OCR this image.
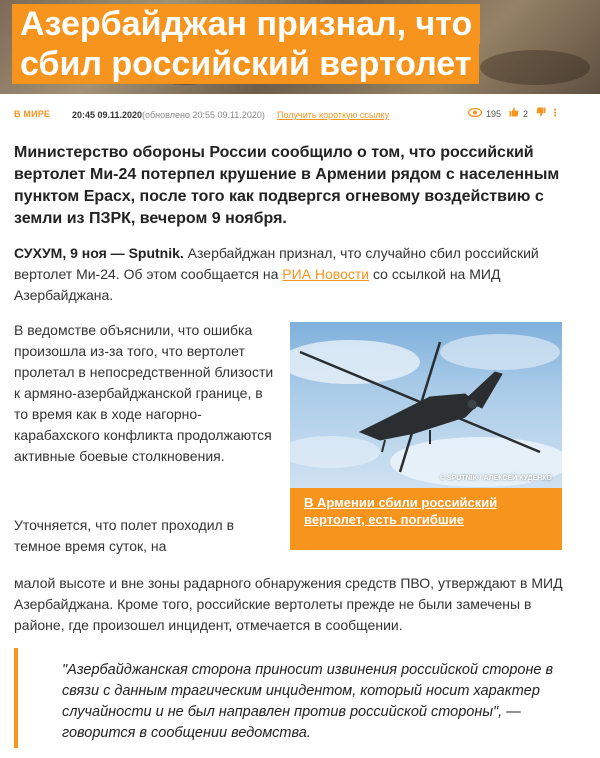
Азербайджан признал, что
сбил российский вертолет
В МИРЕ 20:45 09.11.2020 (обновлено 20:55 09.11.2020) Получить короткую ссылку	195 2 ⋮
Министерство обороны России сообщило о том, что российский вертолет Ми-24 потерпел крушение в Армении рядом с населенным пунктом Ерасх, после того как подвергся огневому воздействию с земли из ПЗРК, вечером 9 ноября.
СУХУМ, 9 ноя — Sputnik. Азербайджан признал, что случайно сбил российский вертолет Ми-24. Об этом сообщается на РИА Новости со ссылкой на МИД Азербайджана.
В ведомстве объяснили, что ошибка произошла из-за того, что вертолет пролетал в непосредственной близости к армяно-азербайджанской границе, в то время как в ходе нагорно-карабахского конфликта продолжаются активные боевые столкновения.
© SPUTNIK / АЛЕКСЕЙ КУДЕНКО
В Армении сбили российский вертолет, есть погибшие
Уточняется, что полет проходил в темное время суток, на
малой высоте и вне зоны радарного обнаружения средств ПВО, утверждают в МИД Азербайджана. Кроме того, российские вертолеты прежде не были замечены в районе, где произошел инцидент, отмечается в сообщении.
"Азербайджанская сторона приносит извинения российской стороне в связи с данным трагическим инцидентом, который носит характер случайности и не был направлен против российской стороны", — говорится в сообщении ведомства.
